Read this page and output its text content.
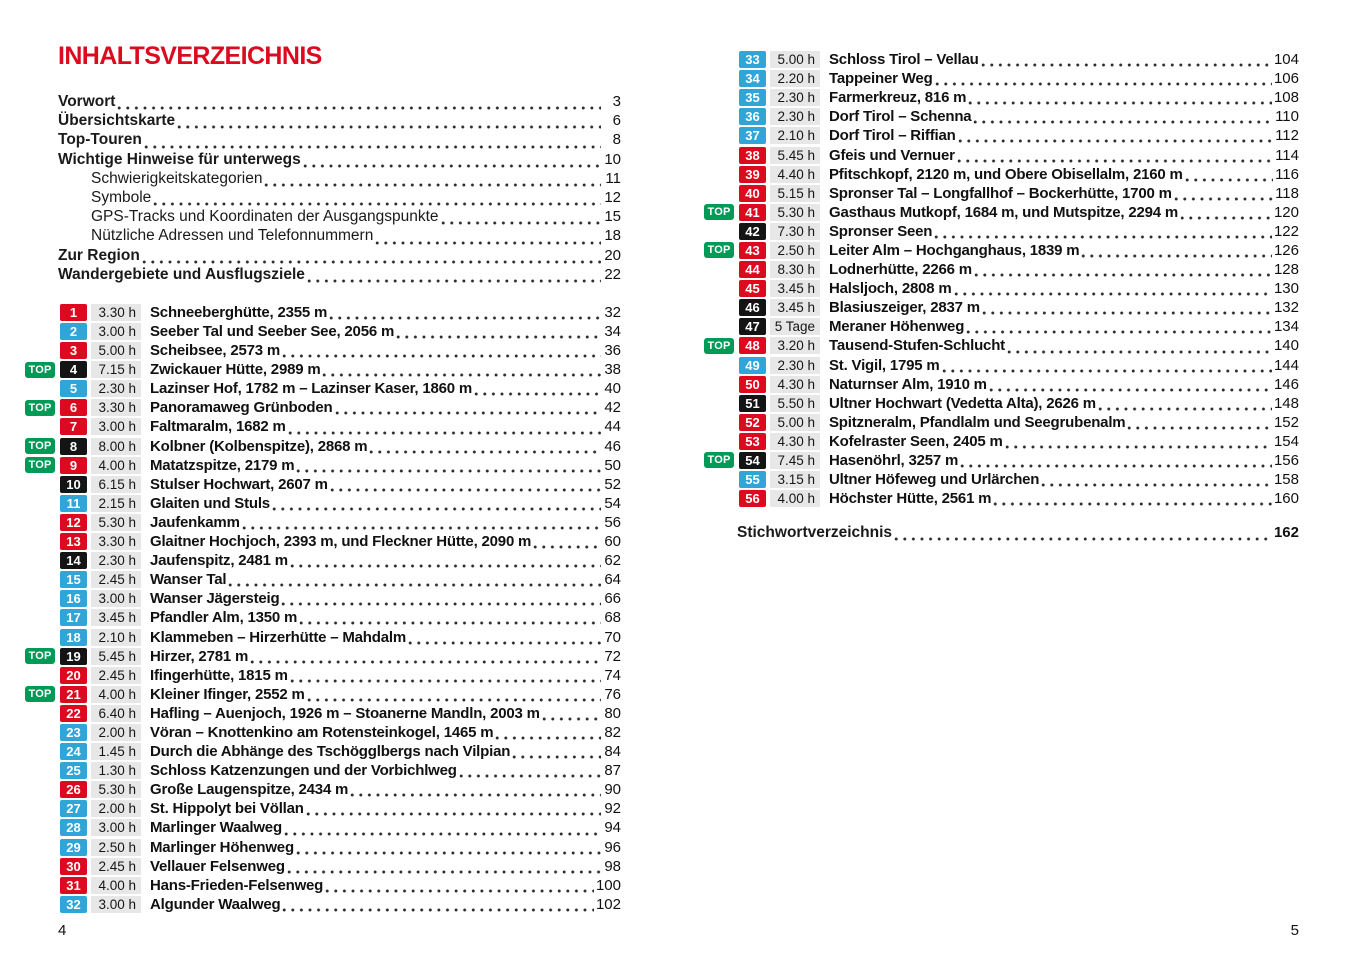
INHALTSVERZEICHNIS
Vorwort	3
Übersichtskarte	6
Top-Touren	8
Wichtige Hinweise für unterwegs	10
Schwierigkeitskategorien	11
Symbole	12
GPS-Tracks und Koordinaten der Ausgangspunkte	15
Nützliche Adressen und Telefonnummern	18
Zur Region	20
Wandergebiete und Ausflugsziele	22
1	3.30 h Schneeberghütte, 2355 m	32
2	3.00 h Seeber Tal und Seeber See, 2056 m	34
3	5.00 h Scheibsee, 2573 m	36
TOP	4	7.15 h Zwickauer Hütte, 2989 m	38
5	2.30 h Lazinser Hof, 1782 m – Lazinser Kaser, 1860 m	40
TOP	6	3.30 h Panoramaweg Grünboden	42
7	3.00 h Faltmaralm, 1682 m	44
TOP	8	8.00 h Kolbner (Kolbenspitze), 2868 m	46
TOP	9	4.00 h Matatzspitze, 2179 m	50
10	6.15 h Stulser Hochwart, 2607 m	52
11	2.15 h Glaiten und Stuls	54
12	5.30 h Jaufenkamm	56
13	3.30 h Glaitner Hochjoch, 2393 m, und Fleckner Hütte, 2090 m	60
14	2.30 h Jaufenspitz, 2481 m	62
15	2.45 h Wanser Tal	64
16	3.00 h Wanser Jägersteig	66
17	3.45 h Pfandler Alm, 1350 m	68
18	2.10 h Klammeben – Hirzerhütte – Mahdalm	70
TOP	19	5.45 h Hirzer, 2781 m	72
20	2.45 h Ifingerhütte, 1815 m	74
TOP	21	4.00 h Kleiner Ifinger, 2552 m	76
22	6.40 h Hafling – Auenjoch, 1926 m – Stoanerne Mandln, 2003 m	80
23	2.00 h Vöran – Knottenkino am Rotensteinkogel, 1465 m	82
24	1.45 h Durch die Abhänge des Tschögglbergs nach Vilpian	84
25	1.30 h Schloss Katzenzungen und der Vorbichlweg	87
26	5.30 h Große Laugenspitze, 2434 m	90
27	2.00 h St. Hippolyt bei Völlan	92
28	3.00 h Marlinger Waalweg	94
29	2.50 h Marlinger Höhenweg	96
30	2.45 h Vellauer Felsenweg	98
31	4.00 h Hans-Frieden-Felsenweg	100
32	3.00 h Algunder Waalweg	102
33	5.00 h Schloss Tirol – Vellau	104
34	2.20 h Tappeiner Weg	106
35	2.30 h Farmerkreuz, 816 m	108
36	2.30 h Dorf Tirol – Schenna	110
37	2.10 h Dorf Tirol – Riffian	112
38	5.45 h Gfeis und Vernuer	114
39	4.40 h Pfitschkopf, 2120 m, und Obere Obisellalm, 2160 m	116
40	5.15 h Spronser Tal – Longfallhof – Bockerhütte, 1700 m	118
TOP	41	5.30 h Gasthaus Mutkopf, 1684 m, und Mutspitze, 2294 m	120
42	7.30 h Spronser Seen	122
TOP	43	2.50 h Leiter Alm – Hochganghaus, 1839 m	126
44	8.30 h Lodnerhütte, 2266 m	128
45	3.45 h Halsljoch, 2808 m	130
46	3.45 h Blasiuszeiger, 2837 m	132
47	5 Tage Meraner Höhenweg	134
TOP	48	3.20 h Tausend-Stufen-Schlucht	140
49	2.30 h St. Vigil, 1795 m	144
50	4.30 h Naturnser Alm, 1910 m	146
51	5.50 h Ultner Hochwart (Vedetta Alta), 2626 m	148
52	5.00 h Spitzneralm, Pfandlalm und Seegrubenalm	152
53	4.30 h Kofelraster Seen, 2405 m	154
TOP	54	7.45 h Hasenöhrl, 3257 m	156
55	3.15 h Ultner Höfeweg und Urlärchen	158
56	4.00 h Höchster Hütte, 2561 m	160
Stichwortverzeichnis	162
4	5
